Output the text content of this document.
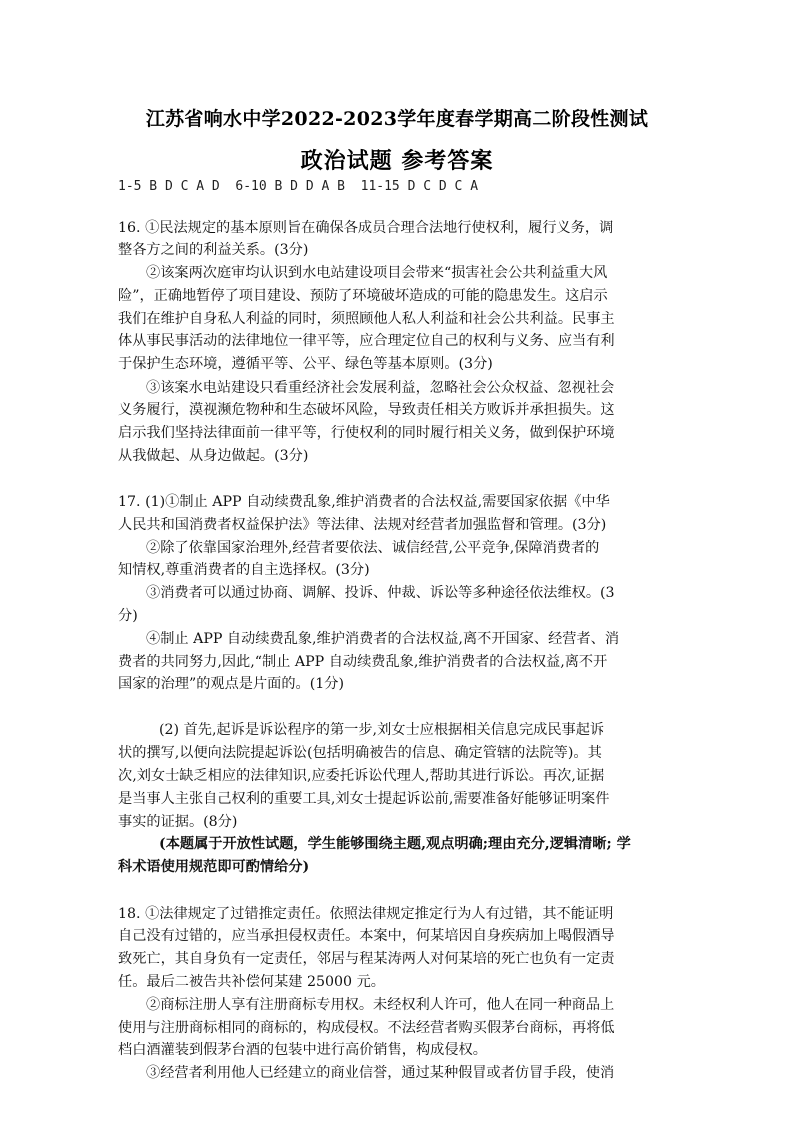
江苏省响水中学2022-2023学年度春学期高二阶段性测试
政治试题 参考答案
1-5 B D C A D  6-10 B D D A B  11-15 D C D C A
16. ①民法规定的基本原则旨在确保各成员合理合法地行使权利，履行义务，调
整各方之间的利益关系。(3分)
②该案两次庭审均认识到水电站建设项目会带来“损害社会公共利益重大风
险”，正确地暂停了项目建设、预防了环境破坏造成的可能的隐患发生。这启示
我们在维护自身私人利益的同时，须照顾他人私人利益和社会公共利益。民事主
体从事民事活动的法律地位一律平等，应合理定位自己的权利与义务、应当有利
于保护生态环境，遵循平等、公平、绿色等基本原则。(3分)
③该案水电站建设只看重经济社会发展利益，忽略社会公众权益、忽视社会
义务履行，漠视濒危物种和生态破坏风险，导致责任相关方败诉并承担损失。这
启示我们坚持法律面前一律平等，行使权利的同时履行相关义务，做到保护环境
从我做起、从身边做起。(3分)
17. (1)①制止 APP 自动续费乱象,维护消费者的合法权益,需要国家依据《中华
人民共和国消费者权益保护法》等法律、法规对经营者加强监督和管理。(3分)
②除了依靠国家治理外,经营者要依法、诚信经营,公平竞争,保障消费者的
知情权,尊重消费者的自主选择权。(3分)
③消费者可以通过协商、调解、投诉、仲裁、诉讼等多种途径依法维权。(3
分)
④制止 APP 自动续费乱象,维护消费者的合法权益,离不开国家、经营者、消
费者的共同努力,因此,“制止 APP 自动续费乱象,维护消费者的合法权益,离不开
国家的治理”的观点是片面的。(1分)
(2) 首先,起诉是诉讼程序的第一步,刘女士应根据相关信息完成民事起诉
状的撰写,以便向法院提起诉讼(包括明确被告的信息、确定管辖的法院等)。其
次,刘女士缺乏相应的法律知识,应委托诉讼代理人,帮助其进行诉讼。再次,证据
是当事人主张自己权利的重要工具,刘女士提起诉讼前,需要准备好能够证明案件
事实的证据。(8分)
(本题属于开放性试题，学生能够围绕主题,观点明确;理由充分,逻辑清晰; 学
科术语使用规范即可酌情给分)
18. ①法律规定了过错推定责任。依照法律规定推定行为人有过错，其不能证明
自己没有过错的，应当承担侵权责任。本案中，何某培因自身疾病加上喝假酒导
致死亡，其自身负有一定责任，邻居与程某涛两人对何某培的死亡也负有一定责
任。最后二被告共补偿何某建 25000 元。
②商标注册人享有注册商标专用权。未经权利人许可，他人在同一种商品上
使用与注册商标相同的商标的，构成侵权。不法经营者购买假茅台商标，再将低
档白酒灌装到假茅台酒的包装中进行高价销售，构成侵权。
③经营者利用他人已经建立的商业信誉，通过某种假冒或者仿冒手段，使消
